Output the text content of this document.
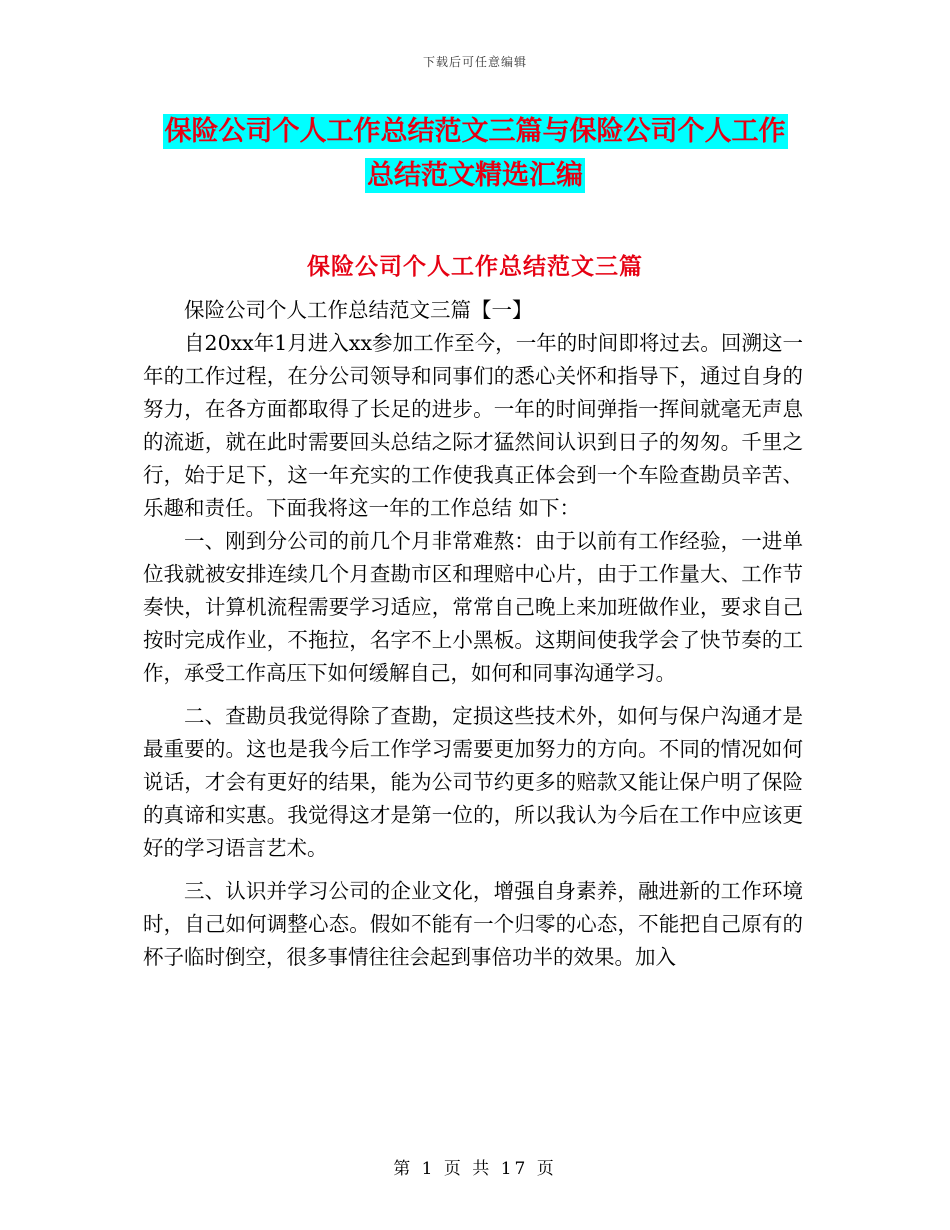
下载后可任意编辑
保险公司个人工作总结范文三篇与保险公司个人工作
总结范文精选汇编
保险公司个人工作总结范文三篇

保险公司个人工作总结范文三篇【一】

自20xx年1月进入xx参加工作至今，一年的时间即将过去。回溯这一年的工作过程，在分公司领导和同事们的悉心关怀和指导下，通过自身的努力，在各方面都取得了长足的进步。一年的时间弹指一挥间就毫无声息的流逝，就在此时需要回头总结之际才猛然间认识到日子的匆匆。千里之行，始于足下，这一年充实的工作使我真正体会到一个车险查勘员辛苦、乐趣和责任。下面我将这一年的工作总结 如下：

一、刚到分公司的前几个月非常难熬：由于以前有工作经验，一进单位我就被安排连续几个月查勘市区和理赔中心片，由于工作量大、工作节奏快，计算机流程需要学习适应，常常自己晚上来加班做作业，要求自己按时完成作业，不拖拉，名字不上小黑板。这期间使我学会了快节奏的工作，承受工作高压下如何缓解自己，如何和同事沟通学习。

二、查勘员我觉得除了查勘，定损这些技术外，如何与保户沟通才是最重要的。这也是我今后工作学习需要更加努力的方向。不同的情况如何说话，才会有更好的结果，能为公司节约更多的赔款又能让保户明了保险的真谛和实惠。我觉得这才是第一位的，所以我认为今后在工作中应该更好的学习语言艺术。

三、认识并学习公司的企业文化，增强自身素养，融进新的工作环境时，自己如何调整心态。假如不能有一个归零的心态，不能把自己原有的杯子临时倒空，很多事情往往会起到事倍功半的效果。加入

第 1 页 共 17 页
